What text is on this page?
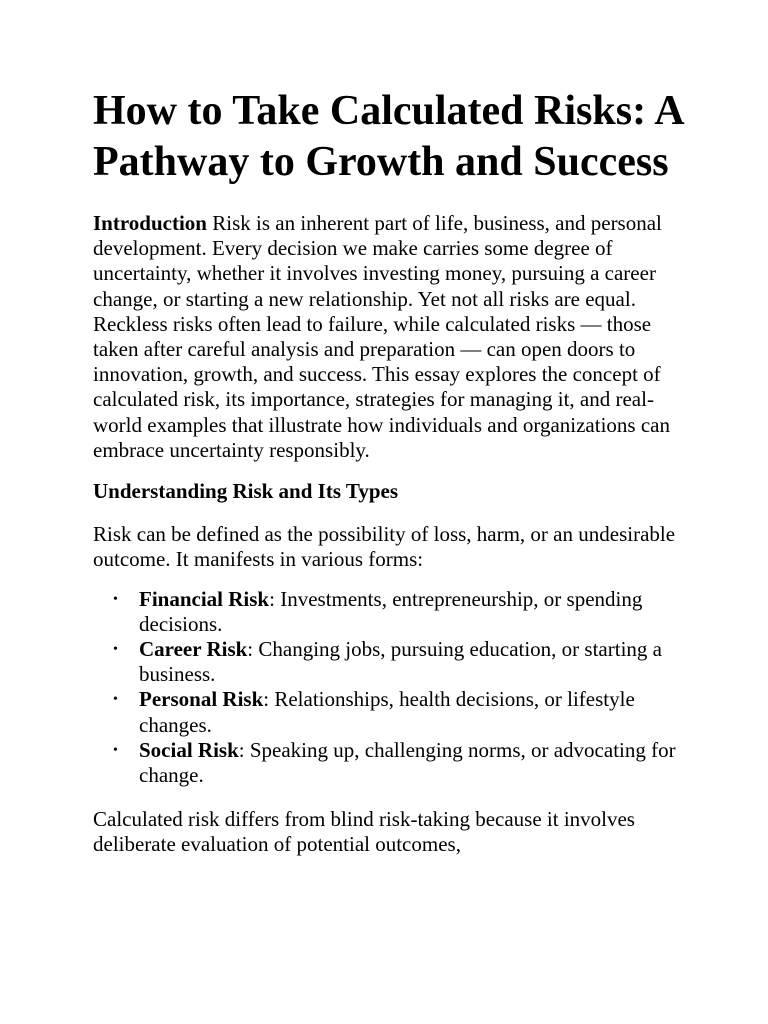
How to Take Calculated Risks: A Pathway to Growth and Success

Introduction Risk is an inherent part of life, business, and personal development. Every decision we make carries some degree of uncertainty, whether it involves investing money, pursuing a career change, or starting a new relationship. Yet not all risks are equal. Reckless risks often lead to failure, while calculated risks — those taken after careful analysis and preparation — can open doors to innovation, growth, and success. This essay explores the concept of calculated risk, its importance, strategies for managing it, and real-world examples that illustrate how individuals and organizations can embrace uncertainty responsibly.

Understanding Risk and Its Types

Risk can be defined as the possibility of loss, harm, or an undesirable outcome. It manifests in various forms:

• Financial Risk: Investments, entrepreneurship, or spending decisions.
• Career Risk: Changing jobs, pursuing education, or starting a business.
• Personal Risk: Relationships, health decisions, or lifestyle changes.
• Social Risk: Speaking up, challenging norms, or advocating for change.

Calculated risk differs from blind risk-taking because it involves deliberate evaluation of potential outcomes,
